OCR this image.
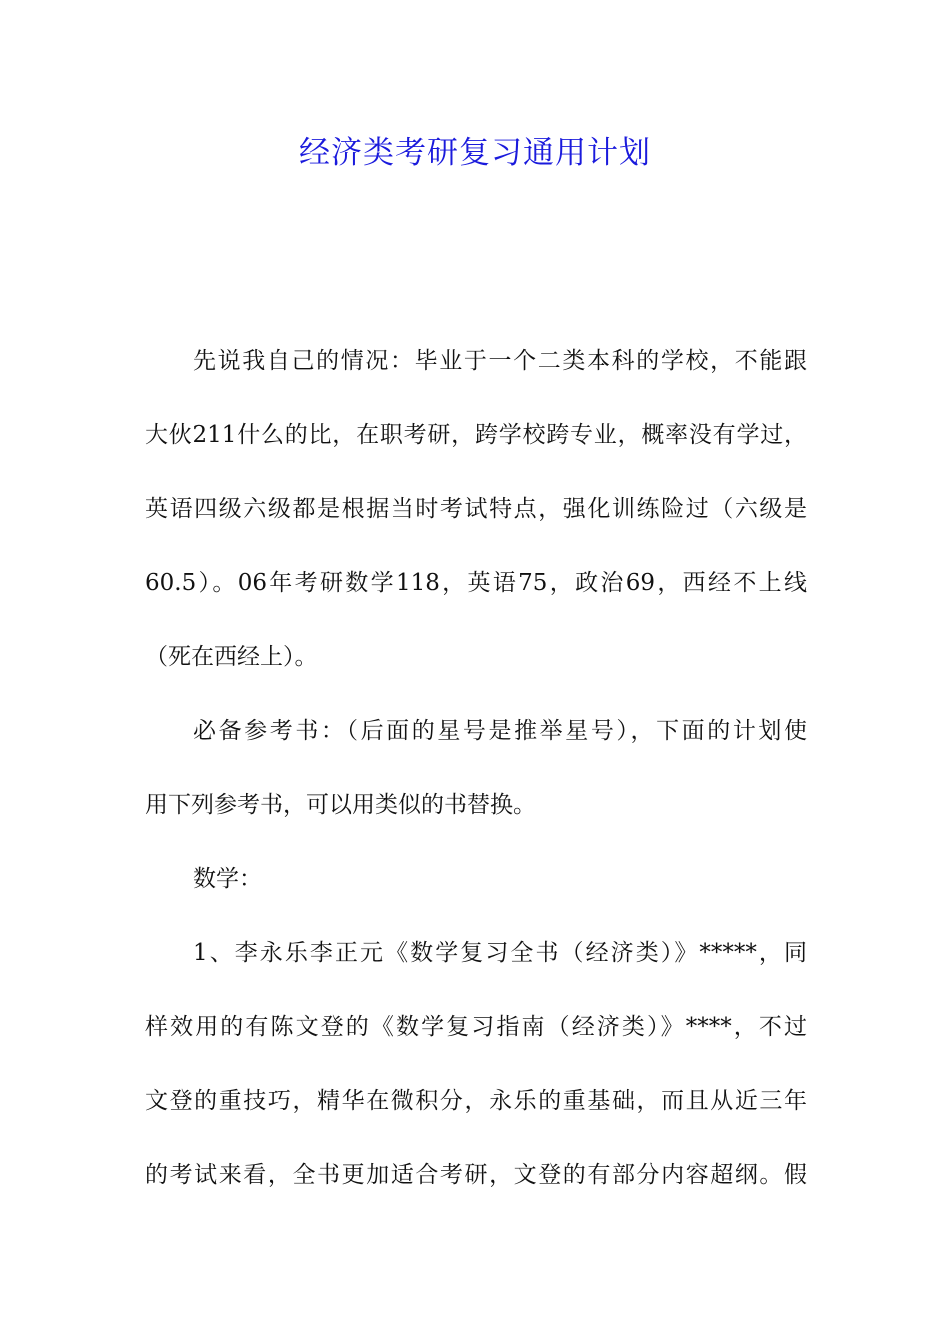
经济类考研复习通用计划
先说我自己的情况：毕业于一个二类本科的学校，不能跟
大伙211什么的比，在职考研，跨学校跨专业，概率没有学过，
英语四级六级都是根据当时考试特点，强化训练险过（六级是
60.5）。06年考研数学118，英语75，政治69，西经不上线
（死在西经上）。
必备参考书：（后面的星号是推举星号），下面的计划使
用下列参考书，可以用类似的书替换。
数学：
1、李永乐李正元《数学复习全书（经济类）》*****，同
样效用的有陈文登的《数学复习指南（经济类）》****，不过
文登的重技巧，精华在微积分，永乐的重基础，而且从近三年
的考试来看，全书更加适合考研，文登的有部分内容超纲。假
